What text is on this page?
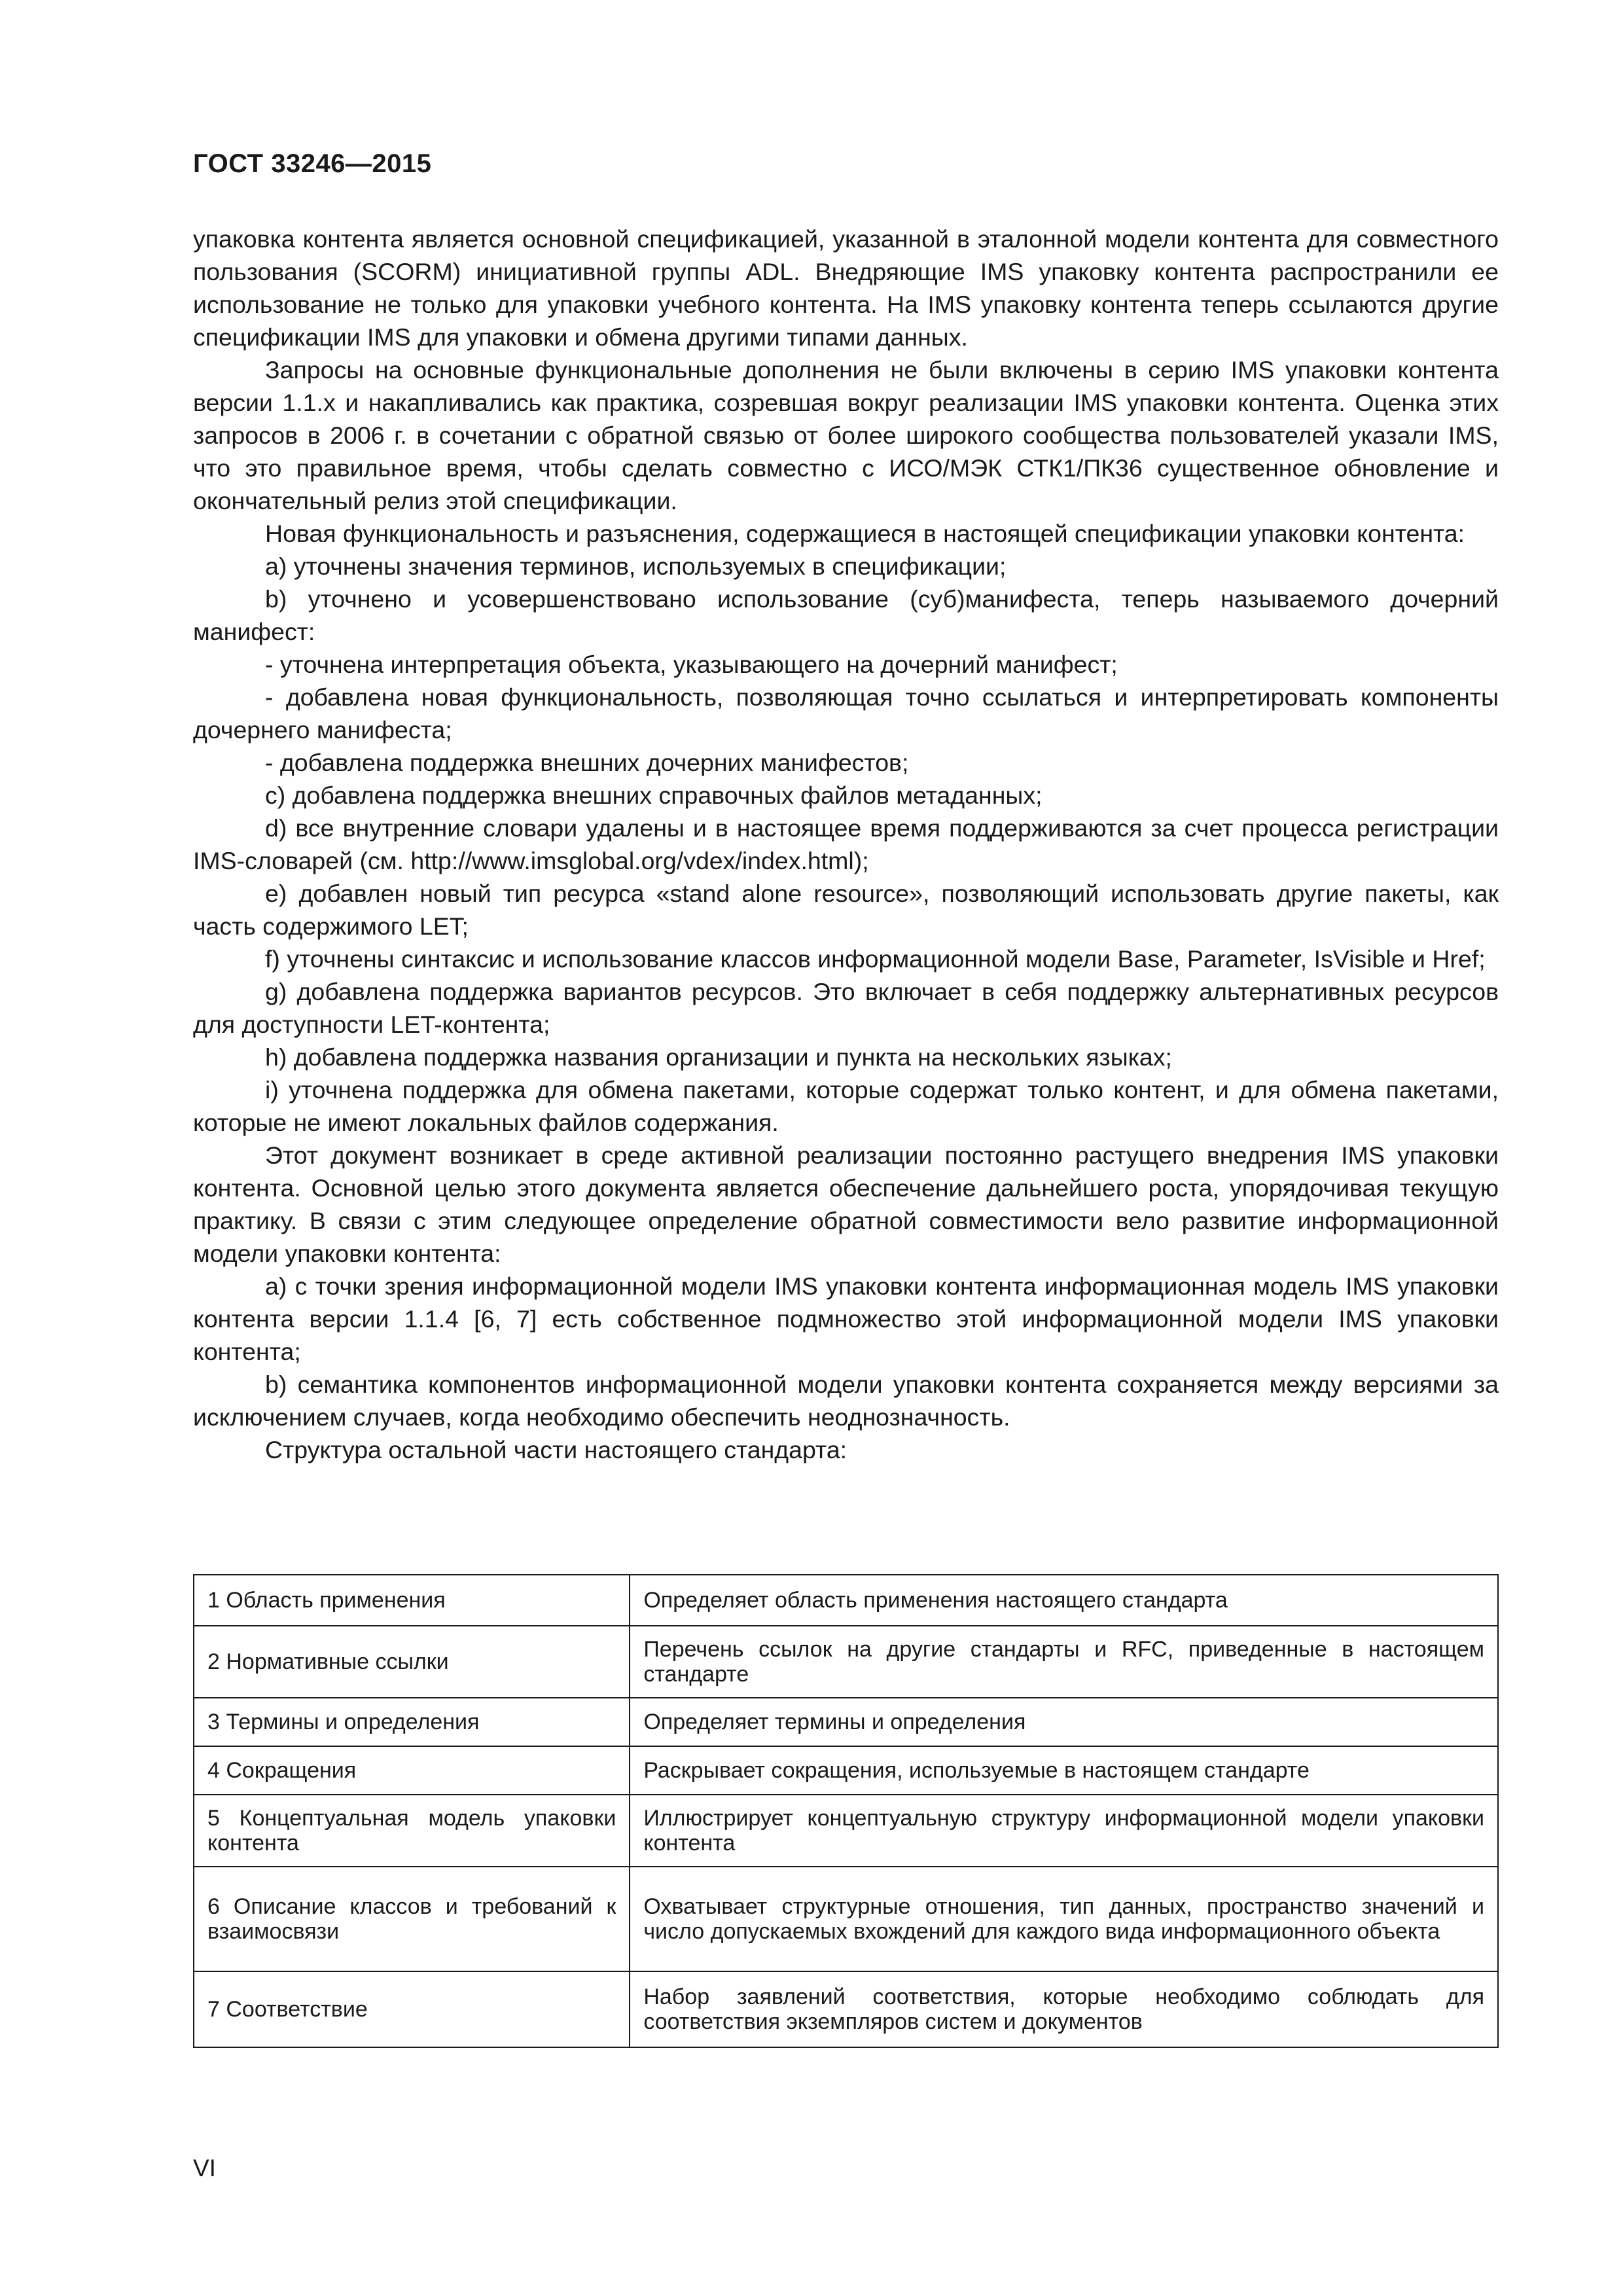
ГОСТ 33246—2015

упаковка контента является основной спецификацией, указанной в эталонной модели контента для совместного пользования (SCORM) инициативной группы ADL. Внедряющие IMS упаковку контента распространили ее использование не только для упаковки учебного контента. На IMS упаковку контента теперь ссылаются другие спецификации IMS для упаковки и обмена другими типами данных.

Запросы на основные функциональные дополнения не были включены в серию IMS упаковки контента версии 1.1.x и накапливались как практика, созревшая вокруг реализации IMS упаковки контента. Оценка этих запросов в 2006 г. в сочетании с обратной связью от более широкого сообщества пользователей указали IMS, что это правильное время, чтобы сделать совместно с ИСО/МЭК СТК1/ПК36 существенное обновление и окончательный релиз этой спецификации.

Новая функциональность и разъяснения, содержащиеся в настоящей спецификации упаковки контента:

а) уточнены значения терминов, используемых в спецификации;

b) уточнено и усовершенствовано использование (суб)манифеста, теперь называемого дочерний манифест:

- уточнена интерпретация объекта, указывающего на дочерний манифест;

- добавлена новая функциональность, позволяющая точно ссылаться и интерпретировать компоненты дочернего манифеста;

- добавлена поддержка внешних дочерних манифестов;

c) добавлена поддержка внешних справочных файлов метаданных;

d) все внутренние словари удалены и в настоящее время поддерживаются за счет процесса регистрации IMS-словарей (см. http://www.imsglobal.org/vdex/index.html);

e) добавлен новый тип ресурса «stand alone resource», позволяющий использовать другие пакеты, как часть содержимого LET;

f) уточнены синтаксис и использование классов информационной модели Base, Parameter, IsVisible и Href;

g) добавлена поддержка вариантов ресурсов. Это включает в себя поддержку альтернативных ресурсов для доступности LET-контента;

h) добавлена поддержка названия организации и пункта на нескольких языках;

i) уточнена поддержка для обмена пакетами, которые содержат только контент, и для обмена пакетами, которые не имеют локальных файлов содержания.

Этот документ возникает в среде активной реализации постоянно растущего внедрения IMS упаковки контента. Основной целью этого документа является обеспечение дальнейшего роста, упорядочивая текущую практику. В связи с этим следующее определение обратной совместимости вело развитие информационной модели упаковки контента:

а) с точки зрения информационной модели IMS упаковки контента информационная модель IMS упаковки контента версии 1.1.4 [6, 7] есть собственное подмножество этой информационной модели IMS упаковки контента;

b) семантика компонентов информационной модели упаковки контента сохраняется между версиями за исключением случаев, когда необходимо обеспечить неоднозначность.

Структура остальной части настоящего стандарта:

1 Область применения	Определяет область применения настоящего стандарта
2 Нормативные ссылки	Перечень ссылок на другие стандарты и RFC, приведенные в настоящем стандарте
3 Термины и определения	Определяет термины и определения
4 Сокращения	Раскрывает сокращения, используемые в настоящем стандарте
5 Концептуальная модель упаковки контента	Иллюстрирует концептуальную структуру информационной модели упаковки контента
6 Описание классов и требований к взаимосвязи	Охватывает структурные отношения, тип данных, пространство значений и число допускаемых вхождений для каждого вида информационного объекта
7 Соответствие	Набор заявлений соответствия, которые необходимо соблюдать для соответствия экземпляров систем и документов
VI
